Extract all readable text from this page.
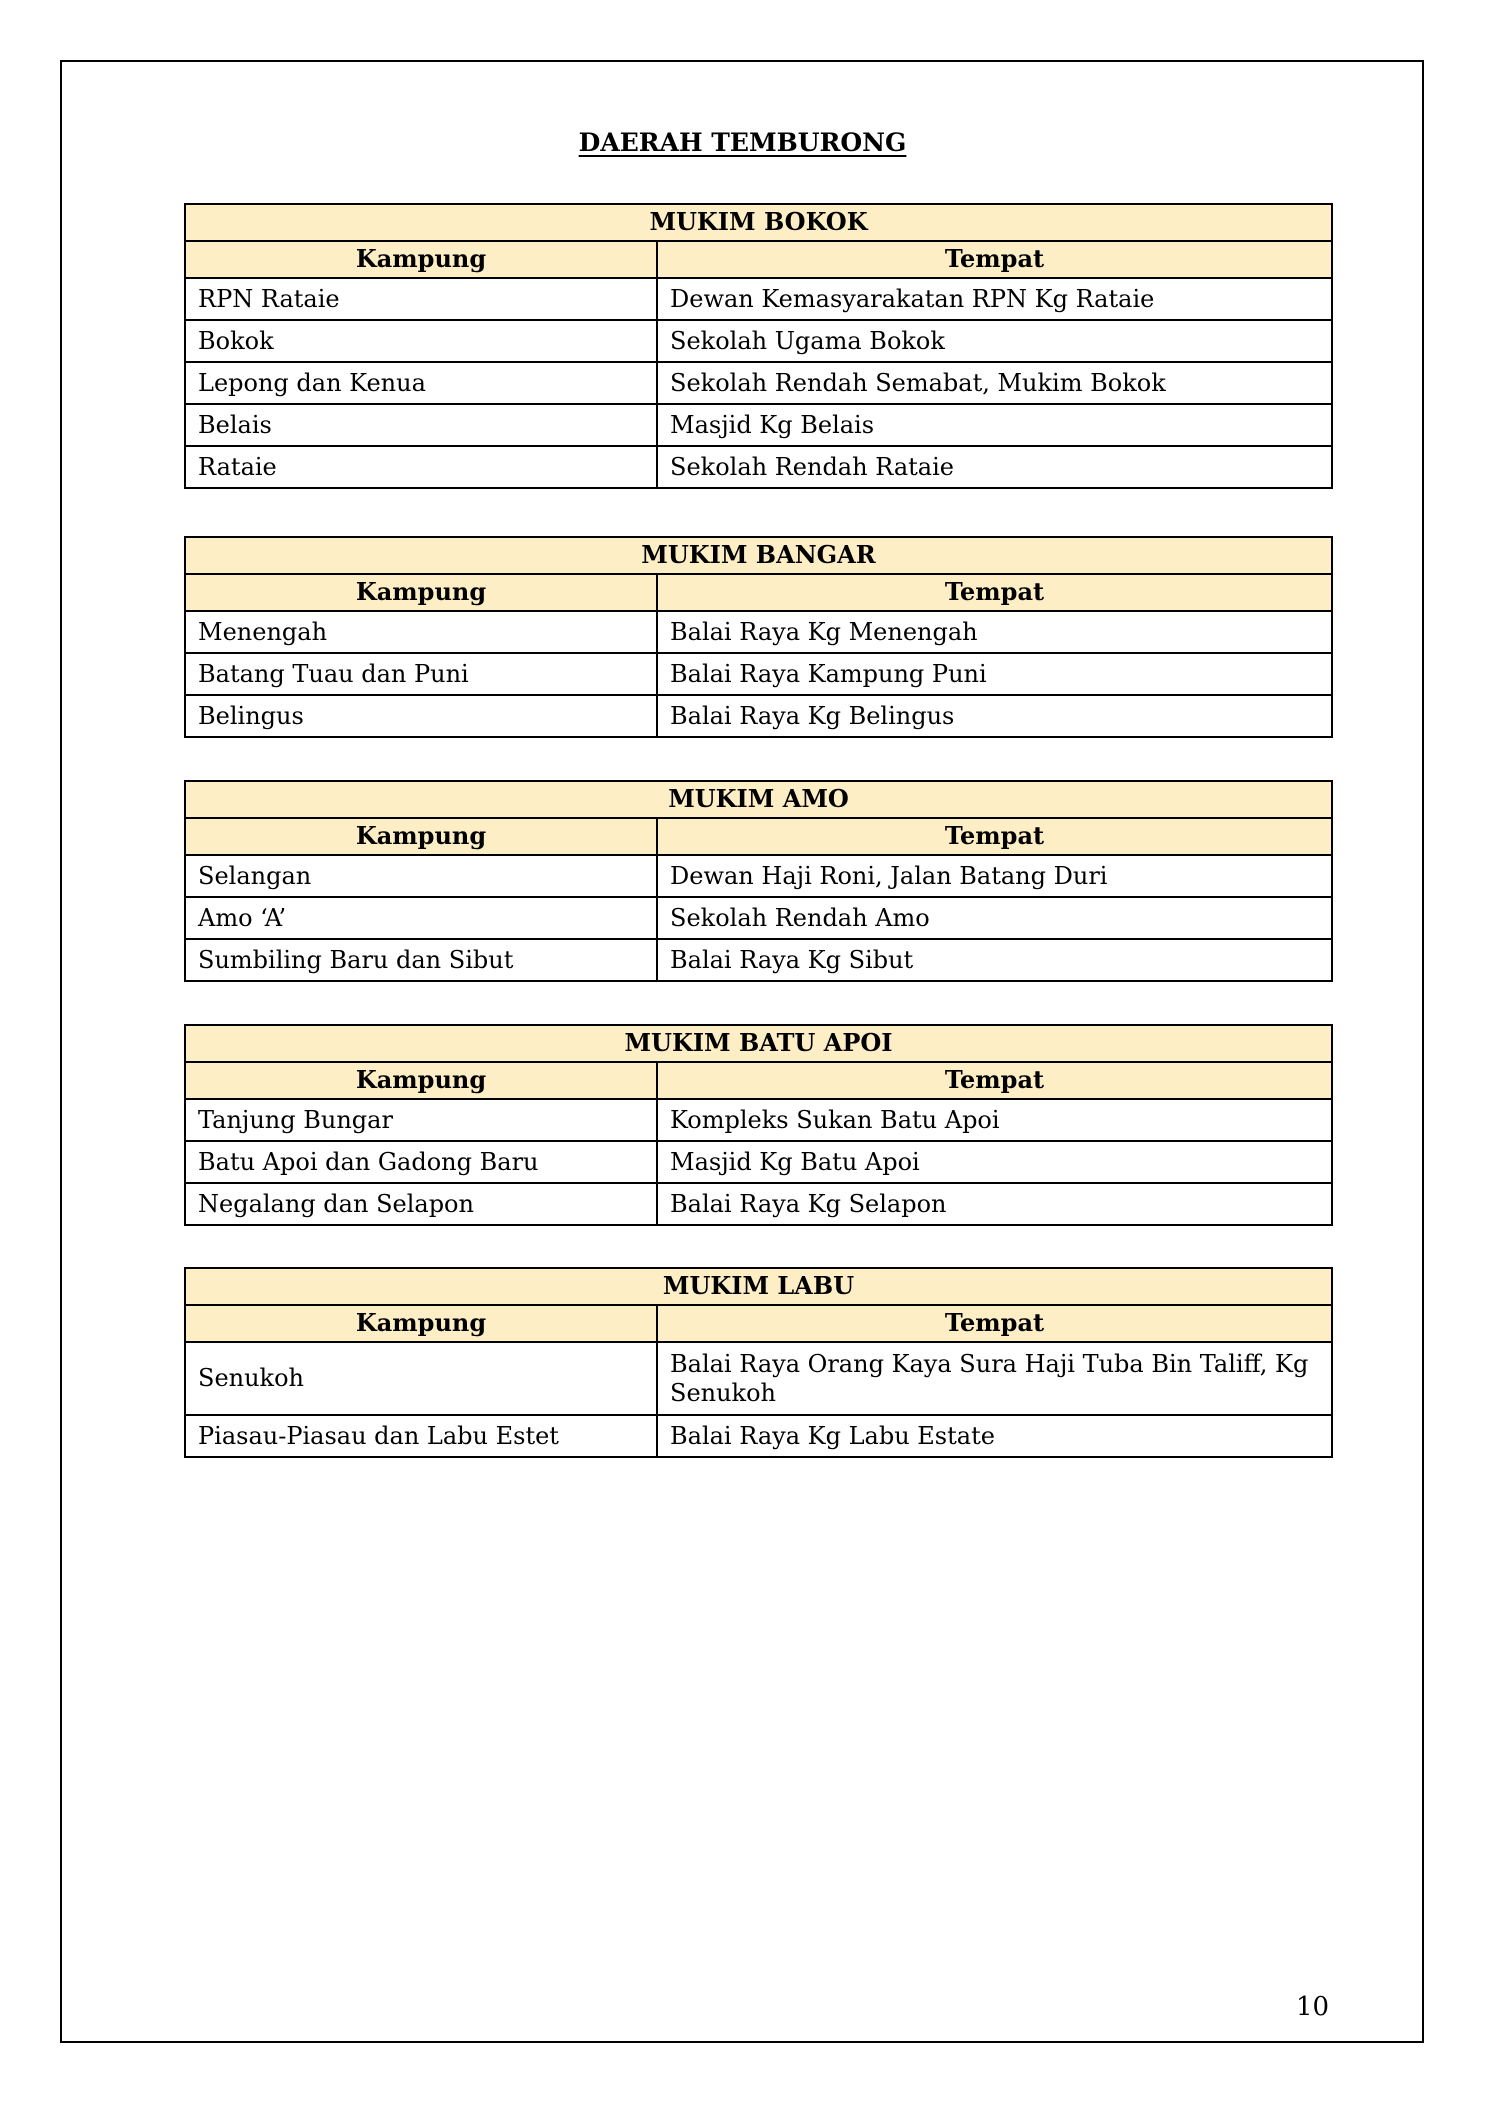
DAERAH TEMBURONG
MUKIM BOKOK	
Kampung	Tempat
RPN Rataie	Dewan Kemasyarakatan RPN Kg Rataie
Bokok	Sekolah Ugama Bokok
Lepong dan Kenua	Sekolah Rendah Semabat, Mukim Bokok
Belais	Masjid Kg Belais
Rataie	Sekolah Rendah Rataie
MUKIM BANGAR	
Kampung	Tempat
Menengah	Balai Raya Kg Menengah
Batang Tuau dan Puni	Balai Raya Kampung Puni
Belingus	Balai Raya Kg Belingus
MUKIM AMO	
Kampung	Tempat
Selangan	Dewan Haji Roni, Jalan Batang Duri
Amo ‘A’	Sekolah Rendah Amo
Sumbiling Baru dan Sibut	Balai Raya Kg Sibut
MUKIM BATU APOI	
Kampung	Tempat
Tanjung Bungar	Kompleks Sukan Batu Apoi
Batu Apoi dan Gadong Baru	Masjid Kg Batu Apoi
Negalang dan Selapon	Balai Raya Kg Selapon
MUKIM LABU	
Kampung	Tempat
Senukoh	Balai Raya Orang Kaya Sura Haji Tuba Bin Taliff, Kg Senukoh
Piasau-Piasau dan Labu Estet	Balai Raya Kg Labu Estate
10
